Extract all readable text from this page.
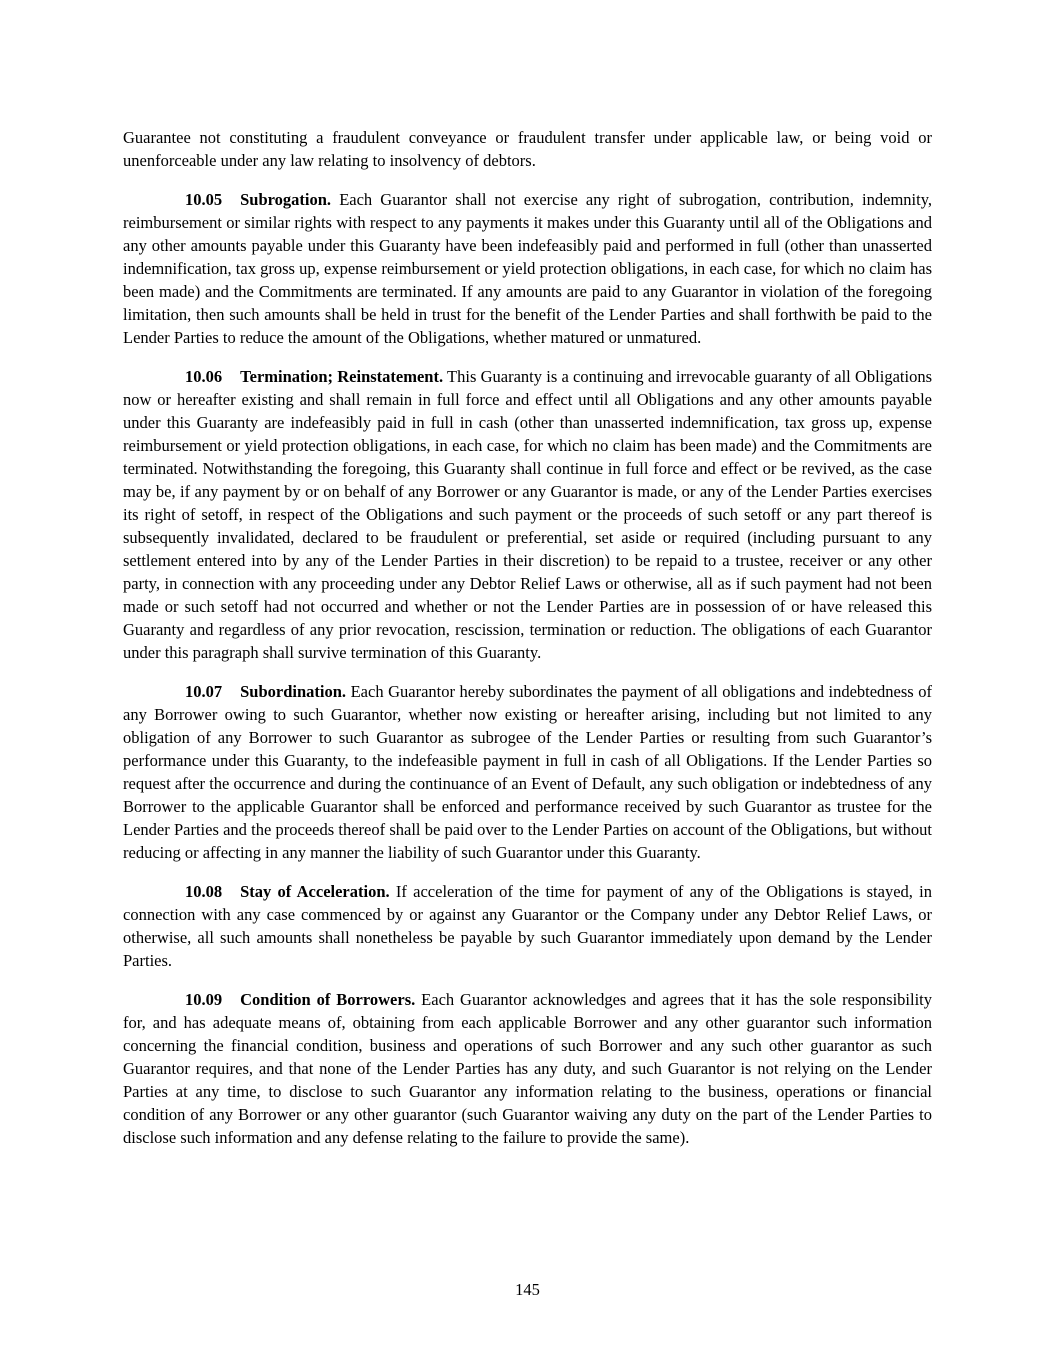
Guarantee not constituting a fraudulent conveyance or fraudulent transfer under applicable law, or being void or unenforceable under any law relating to insolvency of debtors.

10.05 Subrogation. Each Guarantor shall not exercise any right of subrogation, contribution, indemnity, reimbursement or similar rights with respect to any payments it makes under this Guaranty until all of the Obligations and any other amounts payable under this Guaranty have been indefeasibly paid and performed in full (other than unasserted indemnification, tax gross up, expense reimbursement or yield protection obligations, in each case, for which no claim has been made) and the Commitments are terminated. If any amounts are paid to any Guarantor in violation of the foregoing limitation, then such amounts shall be held in trust for the benefit of the Lender Parties and shall forthwith be paid to the Lender Parties to reduce the amount of the Obligations, whether matured or unmatured.

10.06 Termination; Reinstatement. This Guaranty is a continuing and irrevocable guaranty of all Obligations now or hereafter existing and shall remain in full force and effect until all Obligations and any other amounts payable under this Guaranty are indefeasibly paid in full in cash (other than unasserted indemnification, tax gross up, expense reimbursement or yield protection obligations, in each case, for which no claim has been made) and the Commitments are terminated. Notwithstanding the foregoing, this Guaranty shall continue in full force and effect or be revived, as the case may be, if any payment by or on behalf of any Borrower or any Guarantor is made, or any of the Lender Parties exercises its right of setoff, in respect of the Obligations and such payment or the proceeds of such setoff or any part thereof is subsequently invalidated, declared to be fraudulent or preferential, set aside or required (including pursuant to any settlement entered into by any of the Lender Parties in their discretion) to be repaid to a trustee, receiver or any other party, in connection with any proceeding under any Debtor Relief Laws or otherwise, all as if such payment had not been made or such setoff had not occurred and whether or not the Lender Parties are in possession of or have released this Guaranty and regardless of any prior revocation, rescission, termination or reduction. The obligations of each Guarantor under this paragraph shall survive termination of this Guaranty.

10.07 Subordination. Each Guarantor hereby subordinates the payment of all obligations and indebtedness of any Borrower owing to such Guarantor, whether now existing or hereafter arising, including but not limited to any obligation of any Borrower to such Guarantor as subrogee of the Lender Parties or resulting from such Guarantor’s performance under this Guaranty, to the indefeasible payment in full in cash of all Obligations. If the Lender Parties so request after the occurrence and during the continuance of an Event of Default, any such obligation or indebtedness of any Borrower to the applicable Guarantor shall be enforced and performance received by such Guarantor as trustee for the Lender Parties and the proceeds thereof shall be paid over to the Lender Parties on account of the Obligations, but without reducing or affecting in any manner the liability of such Guarantor under this Guaranty.

10.08 Stay of Acceleration. If acceleration of the time for payment of any of the Obligations is stayed, in connection with any case commenced by or against any Guarantor or the Company under any Debtor Relief Laws, or otherwise, all such amounts shall nonetheless be payable by such Guarantor immediately upon demand by the Lender Parties.

10.09 Condition of Borrowers. Each Guarantor acknowledges and agrees that it has the sole responsibility for, and has adequate means of, obtaining from each applicable Borrower and any other guarantor such information concerning the financial condition, business and operations of such Borrower and any such other guarantor as such Guarantor requires, and that none of the Lender Parties has any duty, and such Guarantor is not relying on the Lender Parties at any time, to disclose to such Guarantor any information relating to the business, operations or financial condition of any Borrower or any other guarantor (such Guarantor waiving any duty on the part of the Lender Parties to disclose such information and any defense relating to the failure to provide the same).

145
